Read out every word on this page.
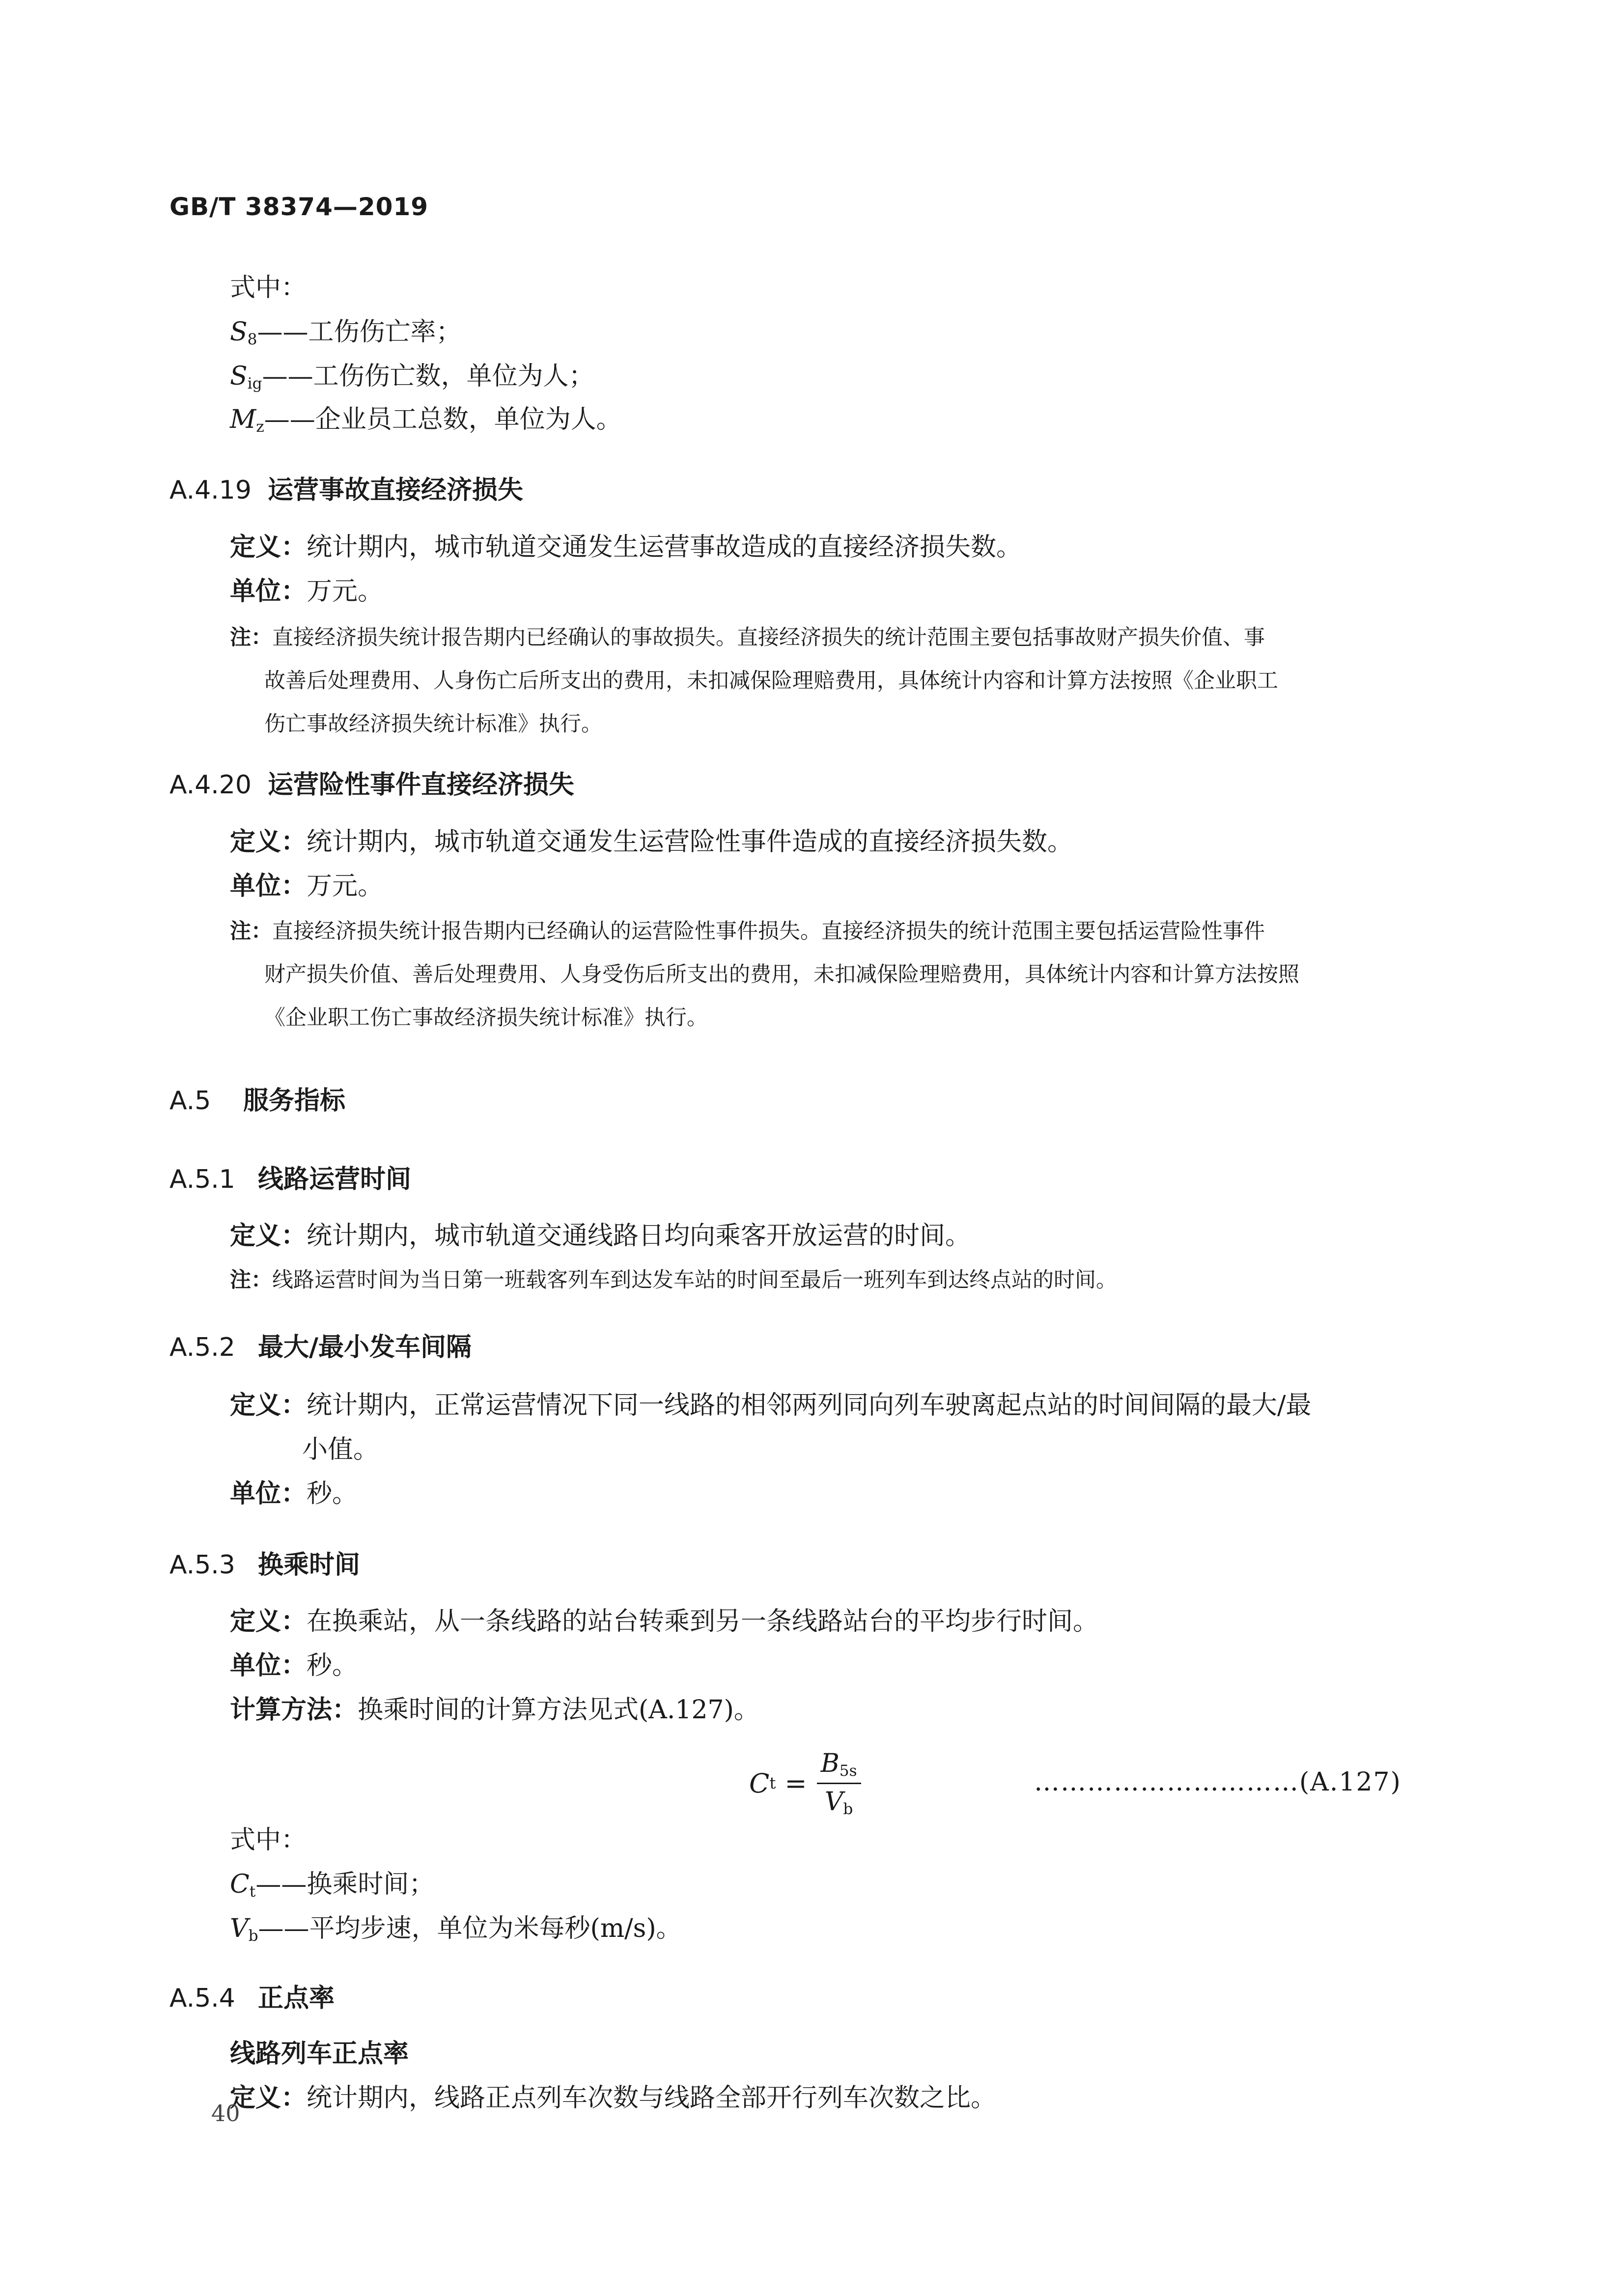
GB/T 38374—2019
式中：
$S_8——$工伤伤亡率；
$S_{ig}——$工伤伤亡数，单位为人；
$M_z——$企业员工总数，单位为人。
A.4.19 运营事故直接经济损失
定义：统计期内，城市轨道交通发生运营事故造成的直接经济损失数。
单位：万元。
注：直接经济损失统计报告期内已经确认的事故损失。直接经济损失的统计范围主要包括事故财产损失价值、事
故善后处理费用、人身伤亡后所支出的费用，未扣减保险理赔费用，具体统计内容和计算方法按照《企业职工
伤亡事故经济损失统计标准》执行。
A.4.20 运营险性事件直接经济损失
定义：统计期内，城市轨道交通发生运营险性事件造成的直接经济损失数。
单位：万元。
注：直接经济损失统计报告期内已经确认的运营险性事件损失。直接经济损失的统计范围主要包括运营险性事件
财产损失价值、善后处理费用、人身受伤后所支出的费用，未扣减保险理赔费用，具体统计内容和计算方法按照
《企业职工伤亡事故经济损失统计标准》执行。
A.5 服务指标
A.5.1 线路运营时间
定义：统计期内，城市轨道交通线路日均向乘客开放运营的时间。
注：线路运营时间为当日第一班载客列车到达发车站的时间至最后一班列车到达终点站的时间。
A.5.2 最大/最小发车间隔
定义：统计期内，正常运营情况下同一线路的相邻两列同向列车驶离起点站的时间间隔的最大/最
小值。
单位：秒。
A.5.3 换乘时间
定义：在换乘站，从一条线路的站台转乘到另一条线路站台的平均步行时间。
单位：秒。
计算方法：换乘时间的计算方法见式(A.127)。
C $t = \frac{B_{5s}}{V_b}$	…………………………(A.127)
式中：
$C_t——$换乘时间；
$V_b——$平均步速，单位为米每秒(m/s)。
A.5.4 正点率
线路列车正点率
定义：统计期内，线路正点列车次数与线路全部开行列车次数之比。
40
